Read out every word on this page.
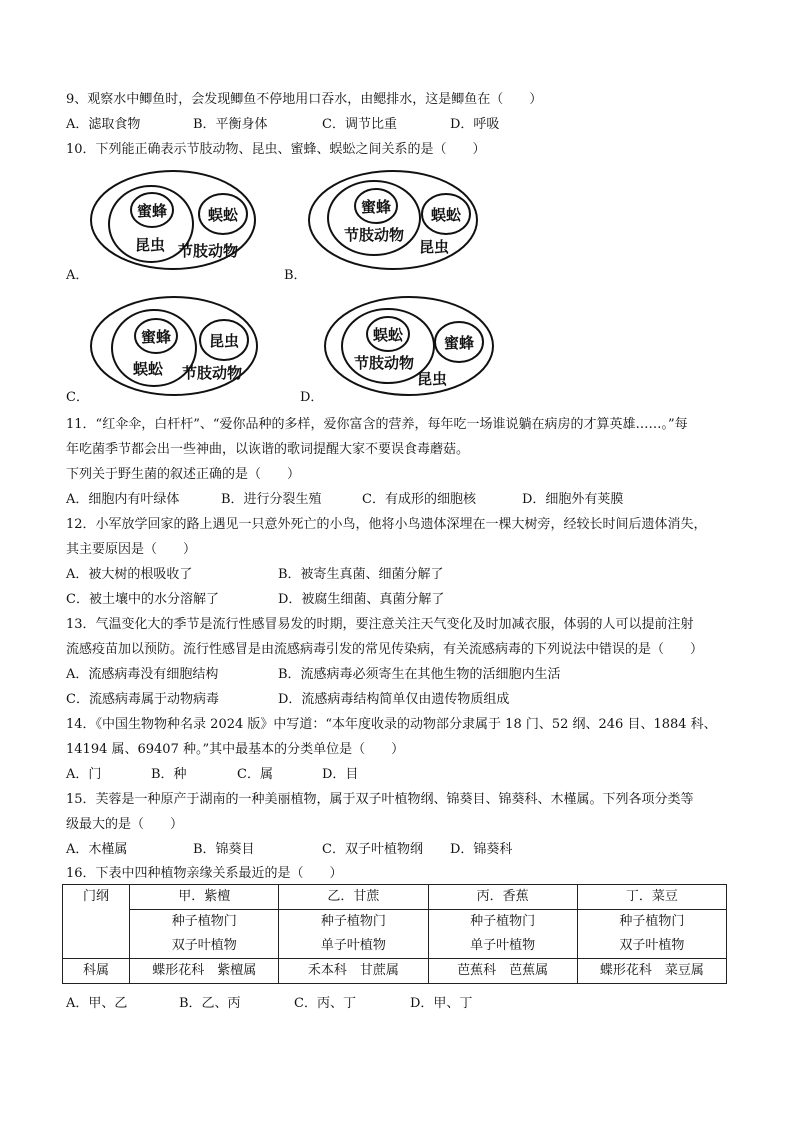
9、观察水中鲫鱼时，会发现鲫鱼不停地用口吞水，由鳃排水，这是鲫鱼在（　　）
A．滤取食物	B．平衡身体	C．调节比重	D．呼吸
10．下列能正确表示节肢动物、昆虫、蜜蜂、蜈蚣之间关系的是（　　）
A．	B．
C．	D．
蜜蜂
昆虫
蜈蚣
节肢动物
蜜蜂
节肢动物
蜈蚣
昆虫
蜜蜂
蜈蚣
昆虫
节肢动物
蜈蚣
节肢动物
蜜蜂
昆虫
11．“红伞伞，白杆杆”、“爱你品种的多样，爱你富含的营养，每年吃一场谁说躺在病房的才算英雄……。”每
年吃菌季节都会出一些神曲，以诙谐的歌词提醒大家不要误食毒蘑菇。
下列关于野生菌的叙述正确的是（　　）
A．细胞内有叶绿体	B．进行分裂生殖	C．有成形的细胞核	D．细胞外有荚膜
12．小军放学回家的路上遇见一只意外死亡的小鸟，他将小鸟遗体深埋在一棵大树旁，经较长时间后遗体消失，
其主要原因是（　　）
A．被大树的根吸收了	B．被寄生真菌、细菌分解了
C．被土壤中的水分溶解了	D．被腐生细菌、真菌分解了
13．气温变化大的季节是流行性感冒易发的时期，要注意关注天气变化及时加减衣服，体弱的人可以提前注射
流感疫苗加以预防。流行性感冒是由流感病毒引发的常见传染病，有关流感病毒的下列说法中错误的是（　　）
A．流感病毒没有细胞结构	B．流感病毒必须寄生在其他生物的活细胞内生活
C．流感病毒属于动物病毒	D．流感病毒结构简单仅由遗传物质组成
14．《中国生物物种名录 2024 版》中写道：“本年度收录的动物部分隶属于 18 门、52 纲、246 目、1884 科、
14194 属、69407 种。”其中最基本的分类单位是（　　）
A．门	B．种	C．属	D．目
15．芙蓉是一种原产于湖南的一种美丽植物，属于双子叶植物纲、锦葵目、锦葵科、木槿属。下列各项分类等
级最大的是（　　）
A．木槿属	B．锦葵目	C．双子叶植物纲 D．锦葵科
16．下表中四种植物亲缘关系最近的是（　　）
门纲	甲．紫檀	乙．甘蔗	丙．香蕉	丁．菜豆

	种子植物门	种子植物门	种子植物门	种子植物门

	双子叶植物	单子叶植物	单子叶植物	双子叶植物

科属	蝶形花科　紫檀属	禾本科　甘蔗属	芭蕉科　芭蕉属	蝶形花科　菜豆属
A．甲、乙	B．乙、丙	C．丙、丁	D．甲、丁
